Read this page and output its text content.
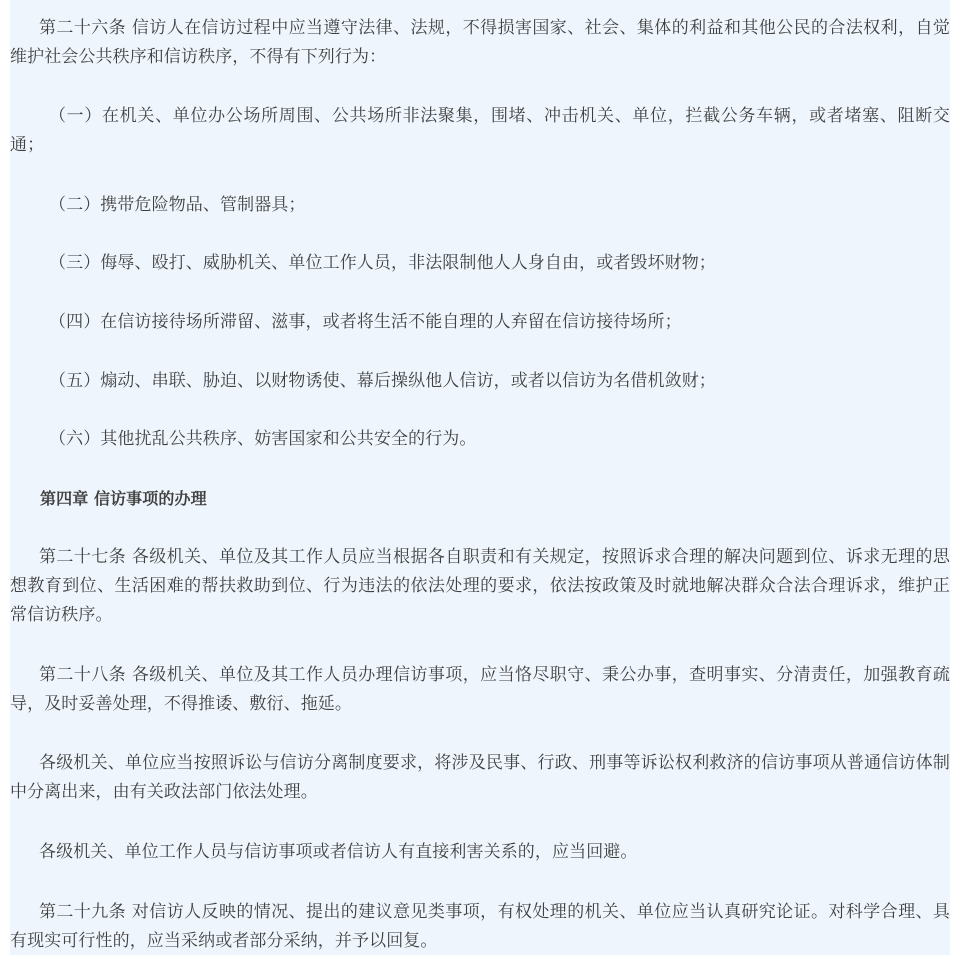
第二十六条 信访人在信访过程中应当遵守法律、法规，不得损害国家、社会、集体的利益和其他公民的合法权利，自觉维护社会公共秩序和信访秩序，不得有下列行为：

（一）在机关、单位办公场所周围、公共场所非法聚集，围堵、冲击机关、单位，拦截公务车辆，或者堵塞、阻断交通；

（二）携带危险物品、管制器具；

（三）侮辱、殴打、威胁机关、单位工作人员，非法限制他人人身自由，或者毁坏财物；

（四）在信访接待场所滞留、滋事，或者将生活不能自理的人弃留在信访接待场所；

（五）煽动、串联、胁迫、以财物诱使、幕后操纵他人信访，或者以信访为名借机敛财；

（六）其他扰乱公共秩序、妨害国家和公共安全的行为。

第四章 信访事项的办理

第二十七条 各级机关、单位及其工作人员应当根据各自职责和有关规定，按照诉求合理的解决问题到位、诉求无理的思想教育到位、生活困难的帮扶救助到位、行为违法的依法处理的要求，依法按政策及时就地解决群众合法合理诉求，维护正常信访秩序。

第二十八条 各级机关、单位及其工作人员办理信访事项，应当恪尽职守、秉公办事，查明事实、分清责任，加强教育疏导，及时妥善处理，不得推诿、敷衍、拖延。

各级机关、单位应当按照诉讼与信访分离制度要求，将涉及民事、行政、刑事等诉讼权利救济的信访事项从普通信访体制中分离出来，由有关政法部门依法处理。

各级机关、单位工作人员与信访事项或者信访人有直接利害关系的，应当回避。

第二十九条 对信访人反映的情况、提出的建议意见类事项，有权处理的机关、单位应当认真研究论证。对科学合理、具有现实可行性的，应当采纳或者部分采纳，并予以回复。
